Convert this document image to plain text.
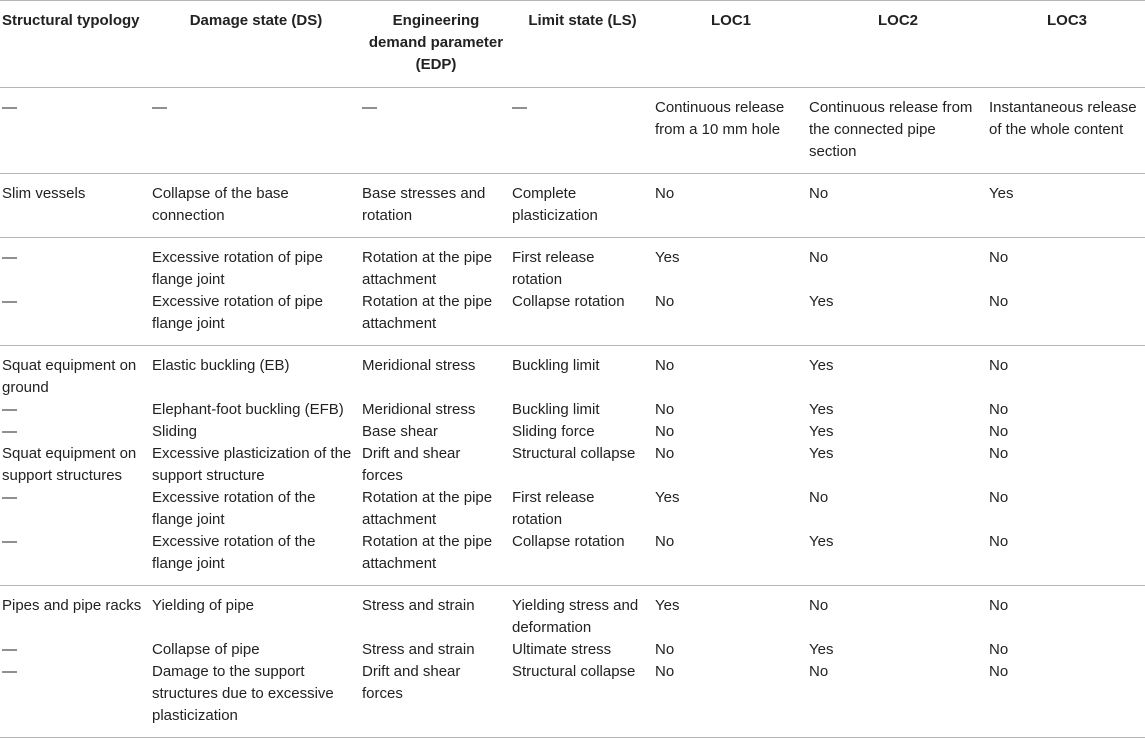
Structural typology	Damage state (DS)	Engineering demand parameter (EDP)	Limit state (LS)	LOC1	LOC2	LOC3
—	—	—	—	Continuous release from a 10 mm hole	Continuous release from the connected pipe section	Instantaneous release of the whole content
Slim vessels	Collapse of the base connection	Base stresses and rotation	Complete plasticization	No	No	Yes
—	Excessive rotation of pipe flange joint	Rotation at the pipe attachment	First release rotation	Yes	No	No
—	Excessive rotation of pipe flange joint	Rotation at the pipe attachment	Collapse rotation	No	Yes	No
Squat equipment on ground	Elastic buckling (EB)	Meridional stress	Buckling limit	No	Yes	No
—	Elephant-foot buckling (EFB)	Meridional stress	Buckling limit	No	Yes	No
—	Sliding	Base shear	Sliding force	No	Yes	No
Squat equipment on support structures	Excessive plasticization of the support structure	Drift and shear forces	Structural collapse	No	Yes	No
—	Excessive rotation of the flange joint	Rotation at the pipe attachment	First release rotation	Yes	No	No
—	Excessive rotation of the flange joint	Rotation at the pipe attachment	Collapse rotation	No	Yes	No
Pipes and pipe racks	Yielding of pipe	Stress and strain	Yielding stress and deformation	Yes	No	No
—	Collapse of pipe	Stress and strain	Ultimate stress	No	Yes	No
—	Damage to the support structures due to excessive plasticization	Drift and shear forces	Structural collapse	No	No	No
